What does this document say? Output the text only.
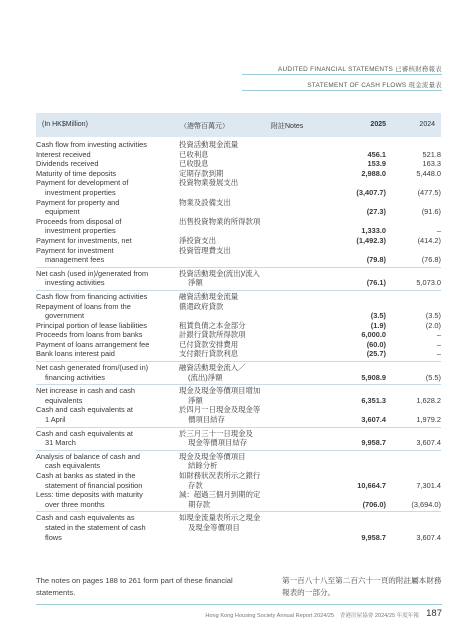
AUDITED FINANCIAL STATEMENTS 已審核財務報表
STATEMENT OF CASH FLOWS 現金流量表
(In HK$Million)	（港幣百萬元）	附註Notes	2025	2024
Cash flow from investing activities	投資活動現金流量
Interest received	已收利息	456.1	521.8
Dividends received	已收股息	153.9	163.3
Maturity of time deposits	定期存款到期	2,988.0	5,448.0
Payment for development of	投資物業發展支出
investment properties	(3,407.7)	(477.5)
Payment for property and	物業及設備支出
equipment	(27.3)	(91.6)
Proceeds from disposal of	出售投資物業的所得款項
investment properties	1,333.0	–
Payment for investments, net	淨投資支出	(1,492.3)	(414.2)
Payment for investment	投資管理費支出
management fees	(79.8)	(76.8)
Net cash (used in)/generated from	投資活動現金(流出)/流入
investing activities	淨額	(76.1)	5,073.0
Cash flow from financing activities	融資活動現金流量
Repayment of loans from the	償還政府貸款
government	(3.5)	(3.5)
Principal portion of lease liabilities	租賃負債之本金部分	(1.9)	(2.0)
Proceeds from loans from banks	計銀行貸款所得款項	6,000.0	–
Payment of loans arrangement fee	已付貸款安排費用	(60.0)	–
Bank loans interest paid	支付銀行貸款利息	(25.7)	–
Net cash generated from/(used in)	融資活動現金流入／
financing activities	(流出)淨額	5,908.9	(5.5)
Net increase in cash and cash	現金及現金等價項目增加
equivalents	淨額	6,351.3	1,628.2
Cash and cash equivalents at	於四月一日現金及現金等
1 April	價項目結存	3,607.4	1,979.2
Cash and cash equivalents at	於三月三十一日現金及
31 March	現金等價項目結存	9,958.7	3,607.4
Analysis of balance of cash and	現金及現金等價項目
cash equivalents	結餘分析
Cash at banks as stated in the	如財務狀況表所示之銀行
statement of financial position	存款	10,664.7	7,301.4
Less: time deposits with maturity	減：超過三個月到期的定
over three months	期存款	(706.0)	(3,694.0)
Cash and cash equivalents as	如現金流量表所示之現金
stated in the statement of cash	及現金等價項目
flows	9,958.7	3,607.4
The notes on pages 188 to 261 form part of these financial statements.
第一百八十八至第二百六十一頁的附註屬本財務報表的一部分。
Hong Kong Housing Society Annual Report 2024/25　香港房屋協會 2024/25 年度年報 187
